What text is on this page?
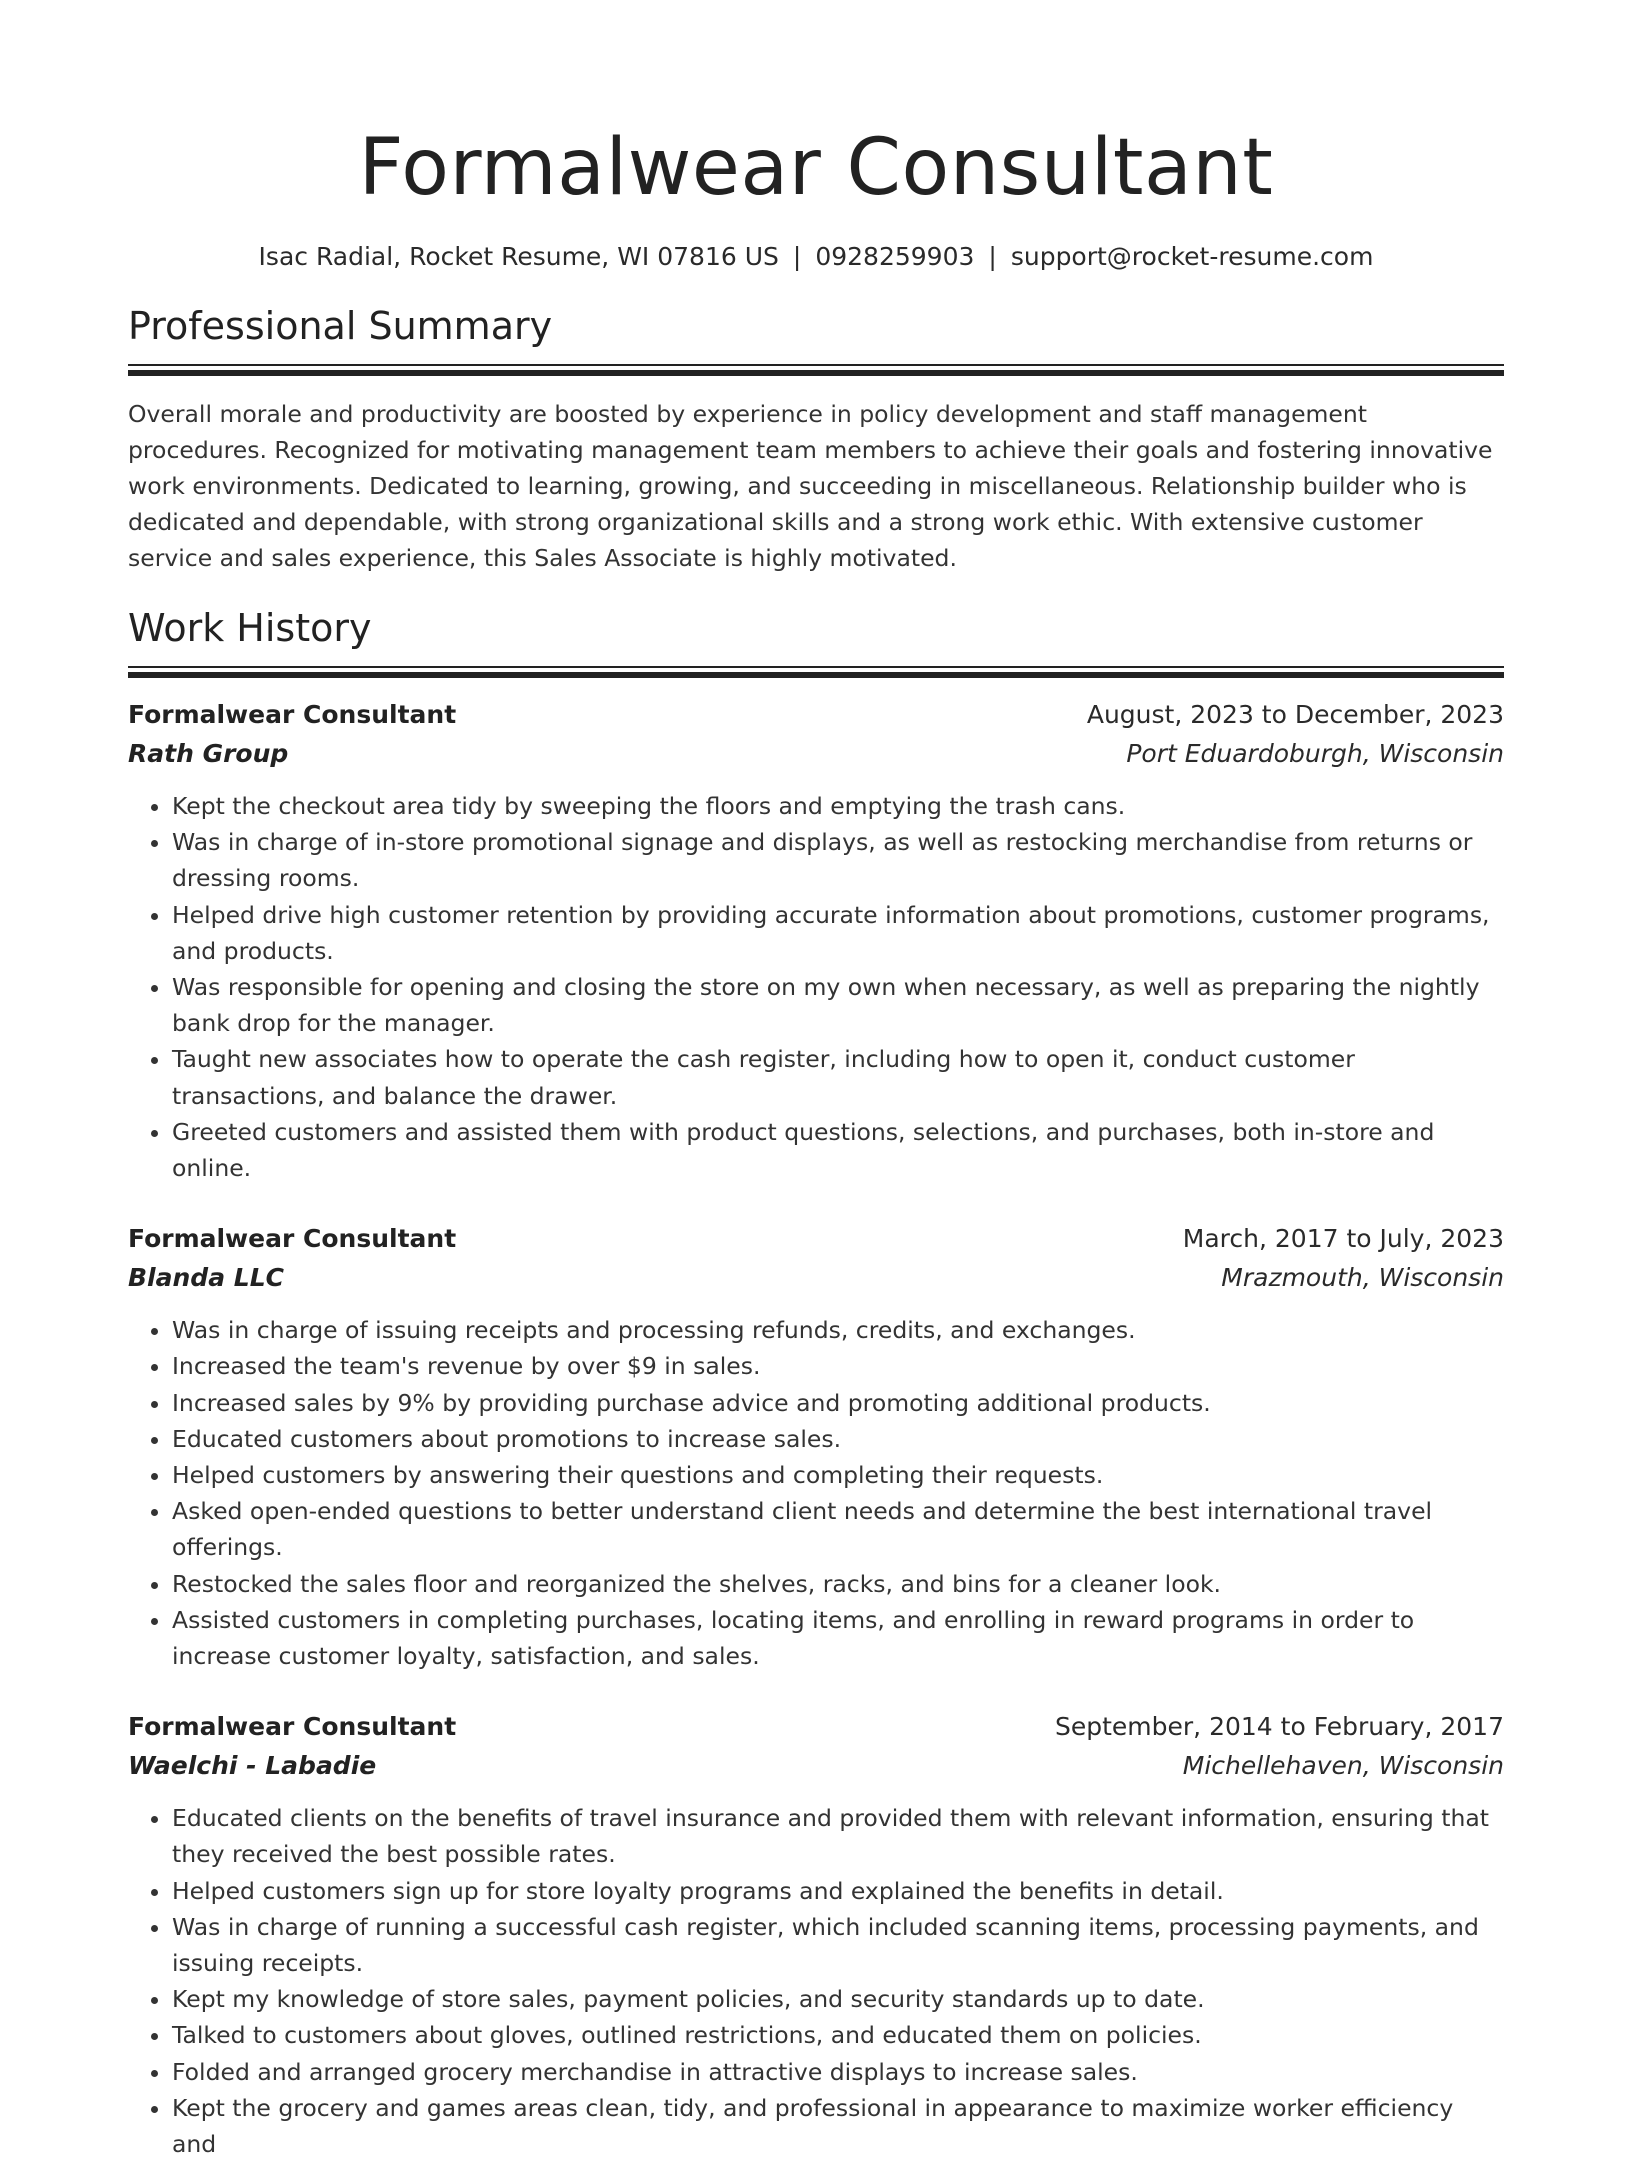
Formalwear Consultant
Isac Radial, Rocket Resume, WI 07816 US | 0928259903 | support@rocket-resume.com
Professional Summary

Overall morale and productivity are boosted by experience in policy development and staff management procedures. Recognized for motivating management team members to achieve their goals and fostering innovative work environments. Dedicated to learning, growing, and succeeding in miscellaneous. Relationship builder who is dedicated and dependable, with strong organizational skills and a strong work ethic. With extensive customer service and sales experience, this Sales Associate is highly motivated.

Work History
Formalwear Consultant	August, 2023 to December, 2023
Rath Group	Port Eduardoburgh, Wisconsin
• Kept the checkout area tidy by sweeping the floors and emptying the trash cans.
• Was in charge of in-store promotional signage and displays, as well as restocking merchandise from returns or dressing rooms.
• Helped drive high customer retention by providing accurate information about promotions, customer programs, and products.
• Was responsible for opening and closing the store on my own when necessary, as well as preparing the nightly bank drop for the manager.
• Taught new associates how to operate the cash register, including how to open it, conduct customer transactions, and balance the drawer.
• Greeted customers and assisted them with product questions, selections, and purchases, both in-store and online.
Formalwear Consultant	March, 2017 to July, 2023
Blanda LLC	Mrazmouth, Wisconsin
• Was in charge of issuing receipts and processing refunds, credits, and exchanges.
• Increased the team's revenue by over $9 in sales.
• Increased sales by 9% by providing purchase advice and promoting additional products.
• Educated customers about promotions to increase sales.
• Helped customers by answering their questions and completing their requests.
• Asked open-ended questions to better understand client needs and determine the best international travel offerings.
• Restocked the sales floor and reorganized the shelves, racks, and bins for a cleaner look.
• Assisted customers in completing purchases, locating items, and enrolling in reward programs in order to increase customer loyalty, satisfaction, and sales.
Formalwear Consultant	September, 2014 to February, 2017
Waelchi - Labadie	Michellehaven, Wisconsin
• Educated clients on the benefits of travel insurance and provided them with relevant information, ensuring that they received the best possible rates.
• Helped customers sign up for store loyalty programs and explained the benefits in detail.
• Was in charge of running a successful cash register, which included scanning items, processing payments, and issuing receipts.
• Kept my knowledge of store sales, payment policies, and security standards up to date.
• Talked to customers about gloves, outlined restrictions, and educated them on policies.
• Folded and arranged grocery merchandise in attractive displays to increase sales.
• Kept the grocery and games areas clean, tidy, and professional in appearance to maximize worker efficiency and
